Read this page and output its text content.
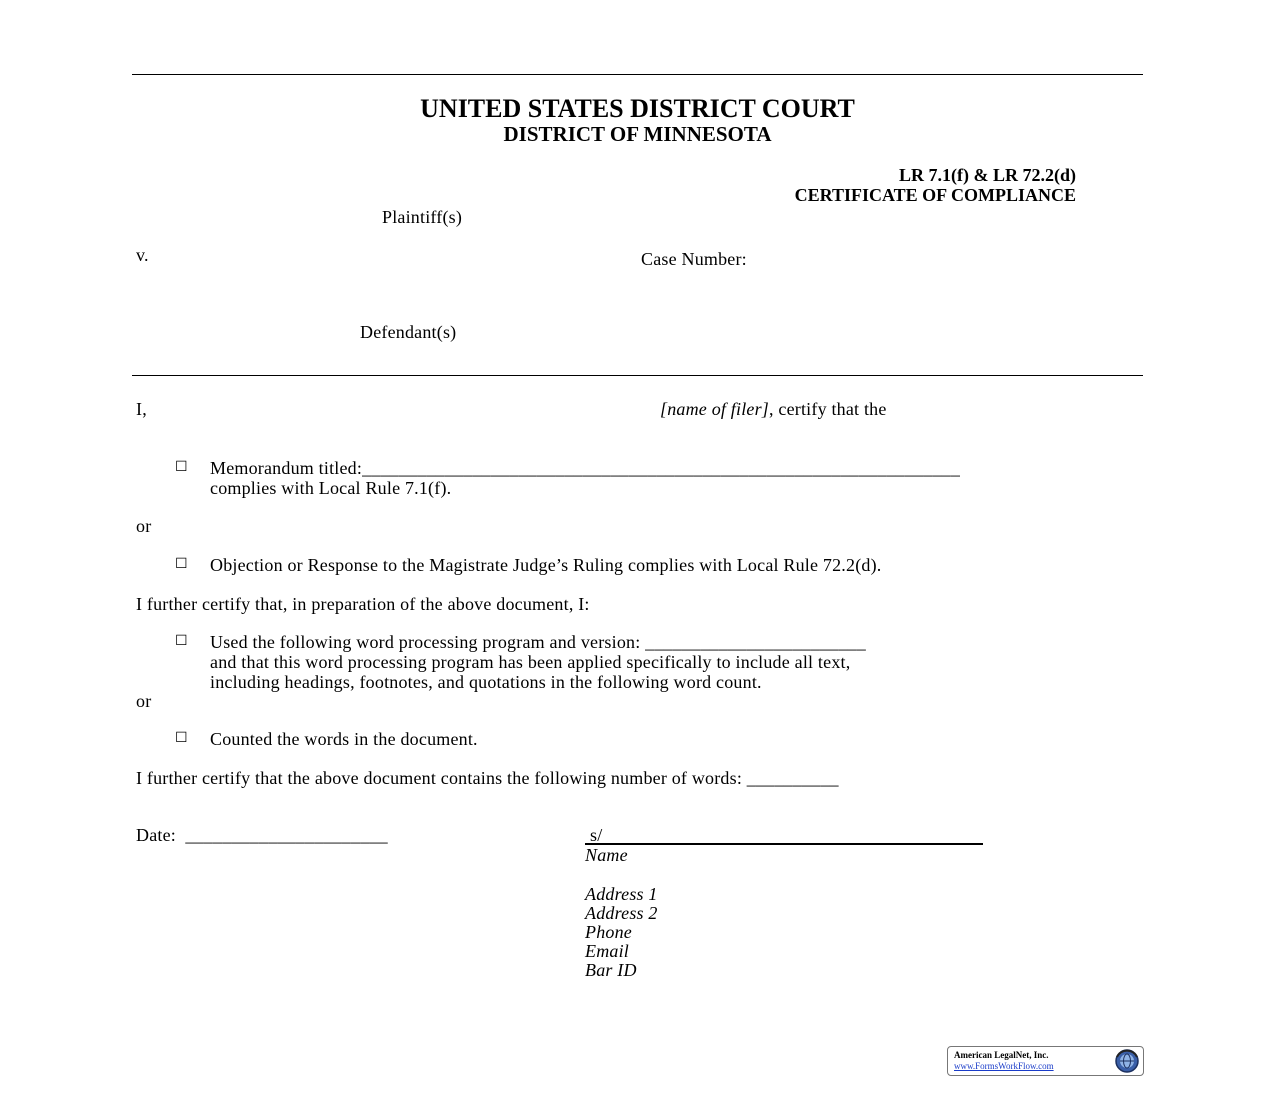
UNITED STATES DISTRICT COURT
DISTRICT OF MINNESOTA
LR 7.1(f) & LR 72.2(d)
CERTIFICATE OF COMPLIANCE
Plaintiff(s)
v.	Case Number:
Defendant(s)
I,	[name of filer], certify that the
☐ Memorandum titled:_________________________________________________________________
complies with Local Rule 7.1(f).
or
☐ Objection or Response to the Magistrate Judge’s Ruling complies with Local Rule 72.2(d).
I further certify that, in preparation of the above document, I:
☐ Used the following word processing program and version: ________________________
and that this word processing program has been applied specifically to include all text,
including headings, footnotes, and quotations in the following word count.
or
☐ Counted the words in the document.
I further certify that the above document contains the following number of words: __________
Date: ______________________	s/
Name
Address 1
Address 2
Phone
Email
Bar ID
American LegalNet, Inc.
www.FormsWorkFlow.com
